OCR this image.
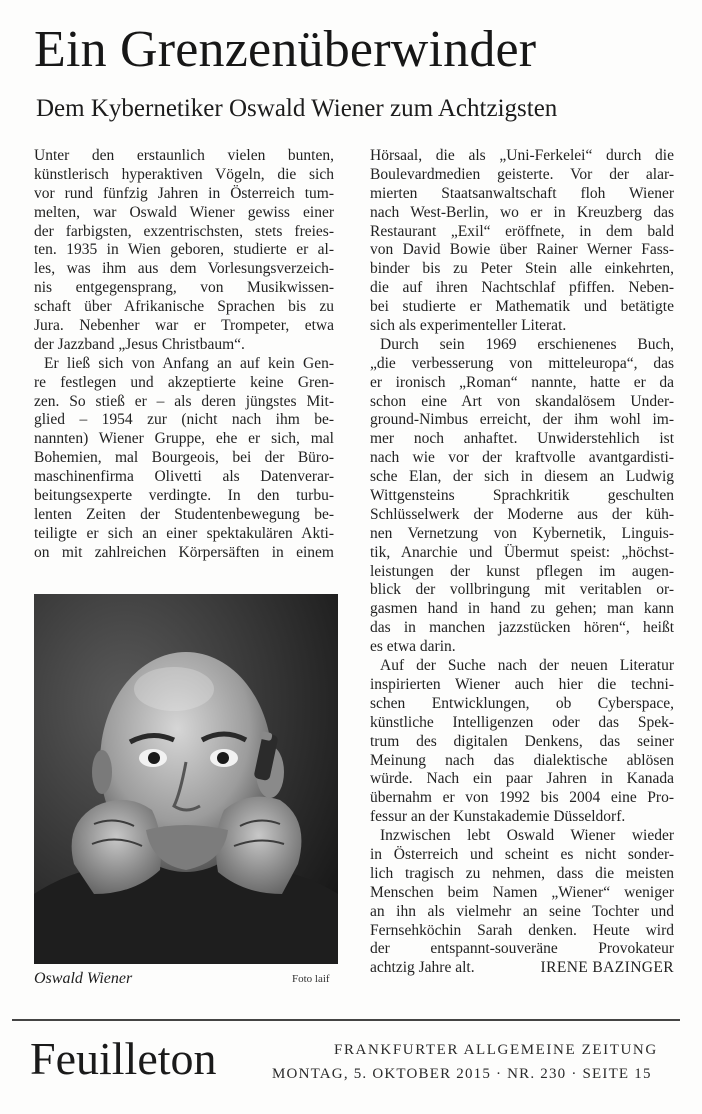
Ein Grenzenüberwinder
Dem Kybernetiker Oswald Wiener zum Achtzigsten
Unter den erstaunlich vielen bunten,
künstlerisch hyperaktiven Vögeln, die sich
vor rund fünfzig Jahren in Österreich tum-
melten, war Oswald Wiener gewiss einer
der farbigsten, exzentrischsten, stets freies-
ten. 1935 in Wien geboren, studierte er al-
les, was ihm aus dem Vorlesungsverzeich-
nis entgegensprang, von Musikwissen-
schaft über Afrikanische Sprachen bis zu
Jura. Nebenher war er Trompeter, etwa
der Jazzband „Jesus Christbaum“.
Er ließ sich von Anfang an auf kein Gen-
re festlegen und akzeptierte keine Gren-
zen. So stieß er – als deren jüngstes Mit-
glied – 1954 zur (nicht nach ihm be-
nannten) Wiener Gruppe, ehe er sich, mal
Bohemien, mal Bourgeois, bei der Büro-
maschinenfirma Olivetti als Datenverar-
beitungsexperte verdingte. In den turbu-
lenten Zeiten der Studentenbewegung be-
teiligte er sich an einer spektakulären Akti-
on mit zahlreichen Körpersäften in einem
Hörsaal, die als „Uni-Ferkelei“ durch die
Boulevardmedien geisterte. Vor der alar-
mierten Staatsanwaltschaft floh Wiener
nach West-Berlin, wo er in Kreuzberg das
Restaurant „Exil“ eröffnete, in dem bald
von David Bowie über Rainer Werner Fass-
binder bis zu Peter Stein alle einkehrten,
die auf ihren Nachtschlaf pfiffen. Neben-
bei studierte er Mathematik und betätigte
sich als experimenteller Literat.
Durch sein 1969 erschienenes Buch,
„die verbesserung von mitteleuropa“, das
er ironisch „Roman“ nannte, hatte er da
schon eine Art von skandalösem Under-
ground-Nimbus erreicht, der ihm wohl im-
mer noch anhaftet. Unwiderstehlich ist
nach wie vor der kraftvolle avantgardisti-
sche Elan, der sich in diesem an Ludwig
Wittgensteins Sprachkritik geschulten
Schlüsselwerk der Moderne aus der küh-
nen Vernetzung von Kybernetik, Linguis-
tik, Anarchie und Übermut speist: „höchst-
leistungen der kunst pflegen im augen-
blick der vollbringung mit veritablen or-
gasmen hand in hand zu gehen; man kann
das in manchen jazzstücken hören“, heißt
es etwa darin.
Auf der Suche nach der neuen Literatur
inspirierten Wiener auch hier die techni-
schen Entwicklungen, ob Cyberspace,
künstliche Intelligenzen oder das Spek-
trum des digitalen Denkens, das seiner
Meinung nach das dialektische ablösen
würde. Nach ein paar Jahren in Kanada
übernahm er von 1992 bis 2004 eine Pro-
fessur an der Kunstakademie Düsseldorf.
Inzwischen lebt Oswald Wiener wieder
in Österreich und scheint es nicht sonder-
lich tragisch zu nehmen, dass die meisten
Menschen beim Namen „Wiener“ weniger
an ihn als vielmehr an seine Tochter und
Fernsehköchin Sarah denken. Heute wird
der entspannt-souveräne Provokateur
achtzig Jahre alt.	IRENE BAZINGER
Oswald Wiener	Foto laif
Feuilleton	FRANKFURTER ALLGEMEINE ZEITUNG
MONTAG, 5. OKTOBER 2015 · NR. 230 · SEITE 15
